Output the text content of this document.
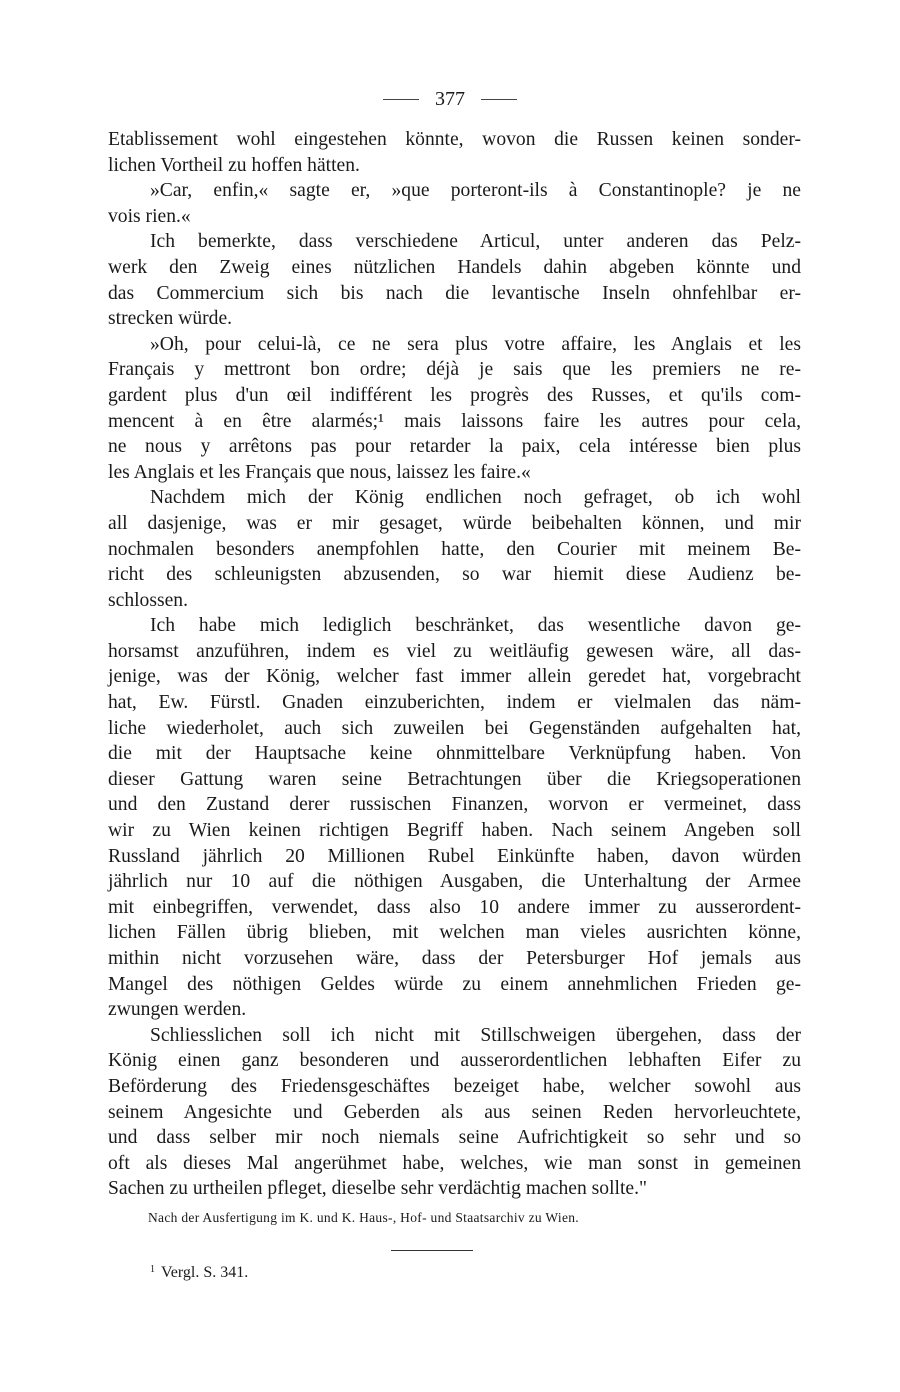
377
Etablissement wohl eingestehen könnte, wovon die Russen keinen sonder-
lichen Vortheil zu hoffen hätten.
»Car, enfin,« sagte er, »que porteront-ils à Constantinople? je ne
vois rien.«
Ich bemerkte, dass verschiedene Articul, unter anderen das Pelz-
werk den Zweig eines nützlichen Handels dahin abgeben könnte und
das Commercium sich bis nach die levantische Inseln ohnfehlbar er-
strecken würde.
»Oh, pour celui-là, ce ne sera plus votre affaire, les Anglais et les
Français y mettront bon ordre; déjà je sais que les premiers ne re-
gardent plus d'un œil indifférent les progrès des Russes, et qu'ils com-
mencent à en être alarmés;¹ mais laissons faire les autres pour cela,
ne nous y arrêtons pas pour retarder la paix, cela intéresse bien plus
les Anglais et les Français que nous, laissez les faire.«
Nachdem mich der König endlichen noch gefraget, ob ich wohl
all dasjenige, was er mir gesaget, würde beibehalten können, und mir
nochmalen besonders anempfohlen hatte, den Courier mit meinem Be-
richt des schleunigsten abzusenden, so war hiemit diese Audienz be-
schlossen.
Ich habe mich lediglich beschränket, das wesentliche davon ge-
horsamst anzuführen, indem es viel zu weitläufig gewesen wäre, all das-
jenige, was der König, welcher fast immer allein geredet hat, vorgebracht
hat, Ew. Fürstl. Gnaden einzuberichten, indem er vielmalen das näm-
liche wiederholet, auch sich zuweilen bei Gegenständen aufgehalten hat,
die mit der Hauptsache keine ohnmittelbare Verknüpfung haben. Von
dieser Gattung waren seine Betrachtungen über die Kriegsoperationen
und den Zustand derer russischen Finanzen, worvon er vermeinet, dass
wir zu Wien keinen richtigen Begriff haben. Nach seinem Angeben soll
Russland jährlich 20 Millionen Rubel Einkünfte haben, davon würden
jährlich nur 10 auf die nöthigen Ausgaben, die Unterhaltung der Armee
mit einbegriffen, verwendet, dass also 10 andere immer zu ausserordent-
lichen Fällen übrig blieben, mit welchen man vieles ausrichten könne,
mithin nicht vorzusehen wäre, dass der Petersburger Hof jemals aus
Mangel des nöthigen Geldes würde zu einem annehmlichen Frieden ge-
zwungen werden.
Schliesslichen soll ich nicht mit Stillschweigen übergehen, dass der
König einen ganz besonderen und ausserordentlichen lebhaften Eifer zu
Beförderung des Friedensgeschäftes bezeiget habe, welcher sowohl aus
seinem Angesichte und Geberden als aus seinen Reden hervorleuchtete,
und dass selber mir noch niemals seine Aufrichtigkeit so sehr und so
oft als dieses Mal angerühmet habe, welches, wie man sonst in gemeinen
Sachen zu urtheilen pfleget, dieselbe sehr verdächtig machen sollte."
Nach der Ausfertigung im K. und K. Haus-, Hof- und Staatsarchiv zu Wien.
$^1$ Vergl. S. 341.
